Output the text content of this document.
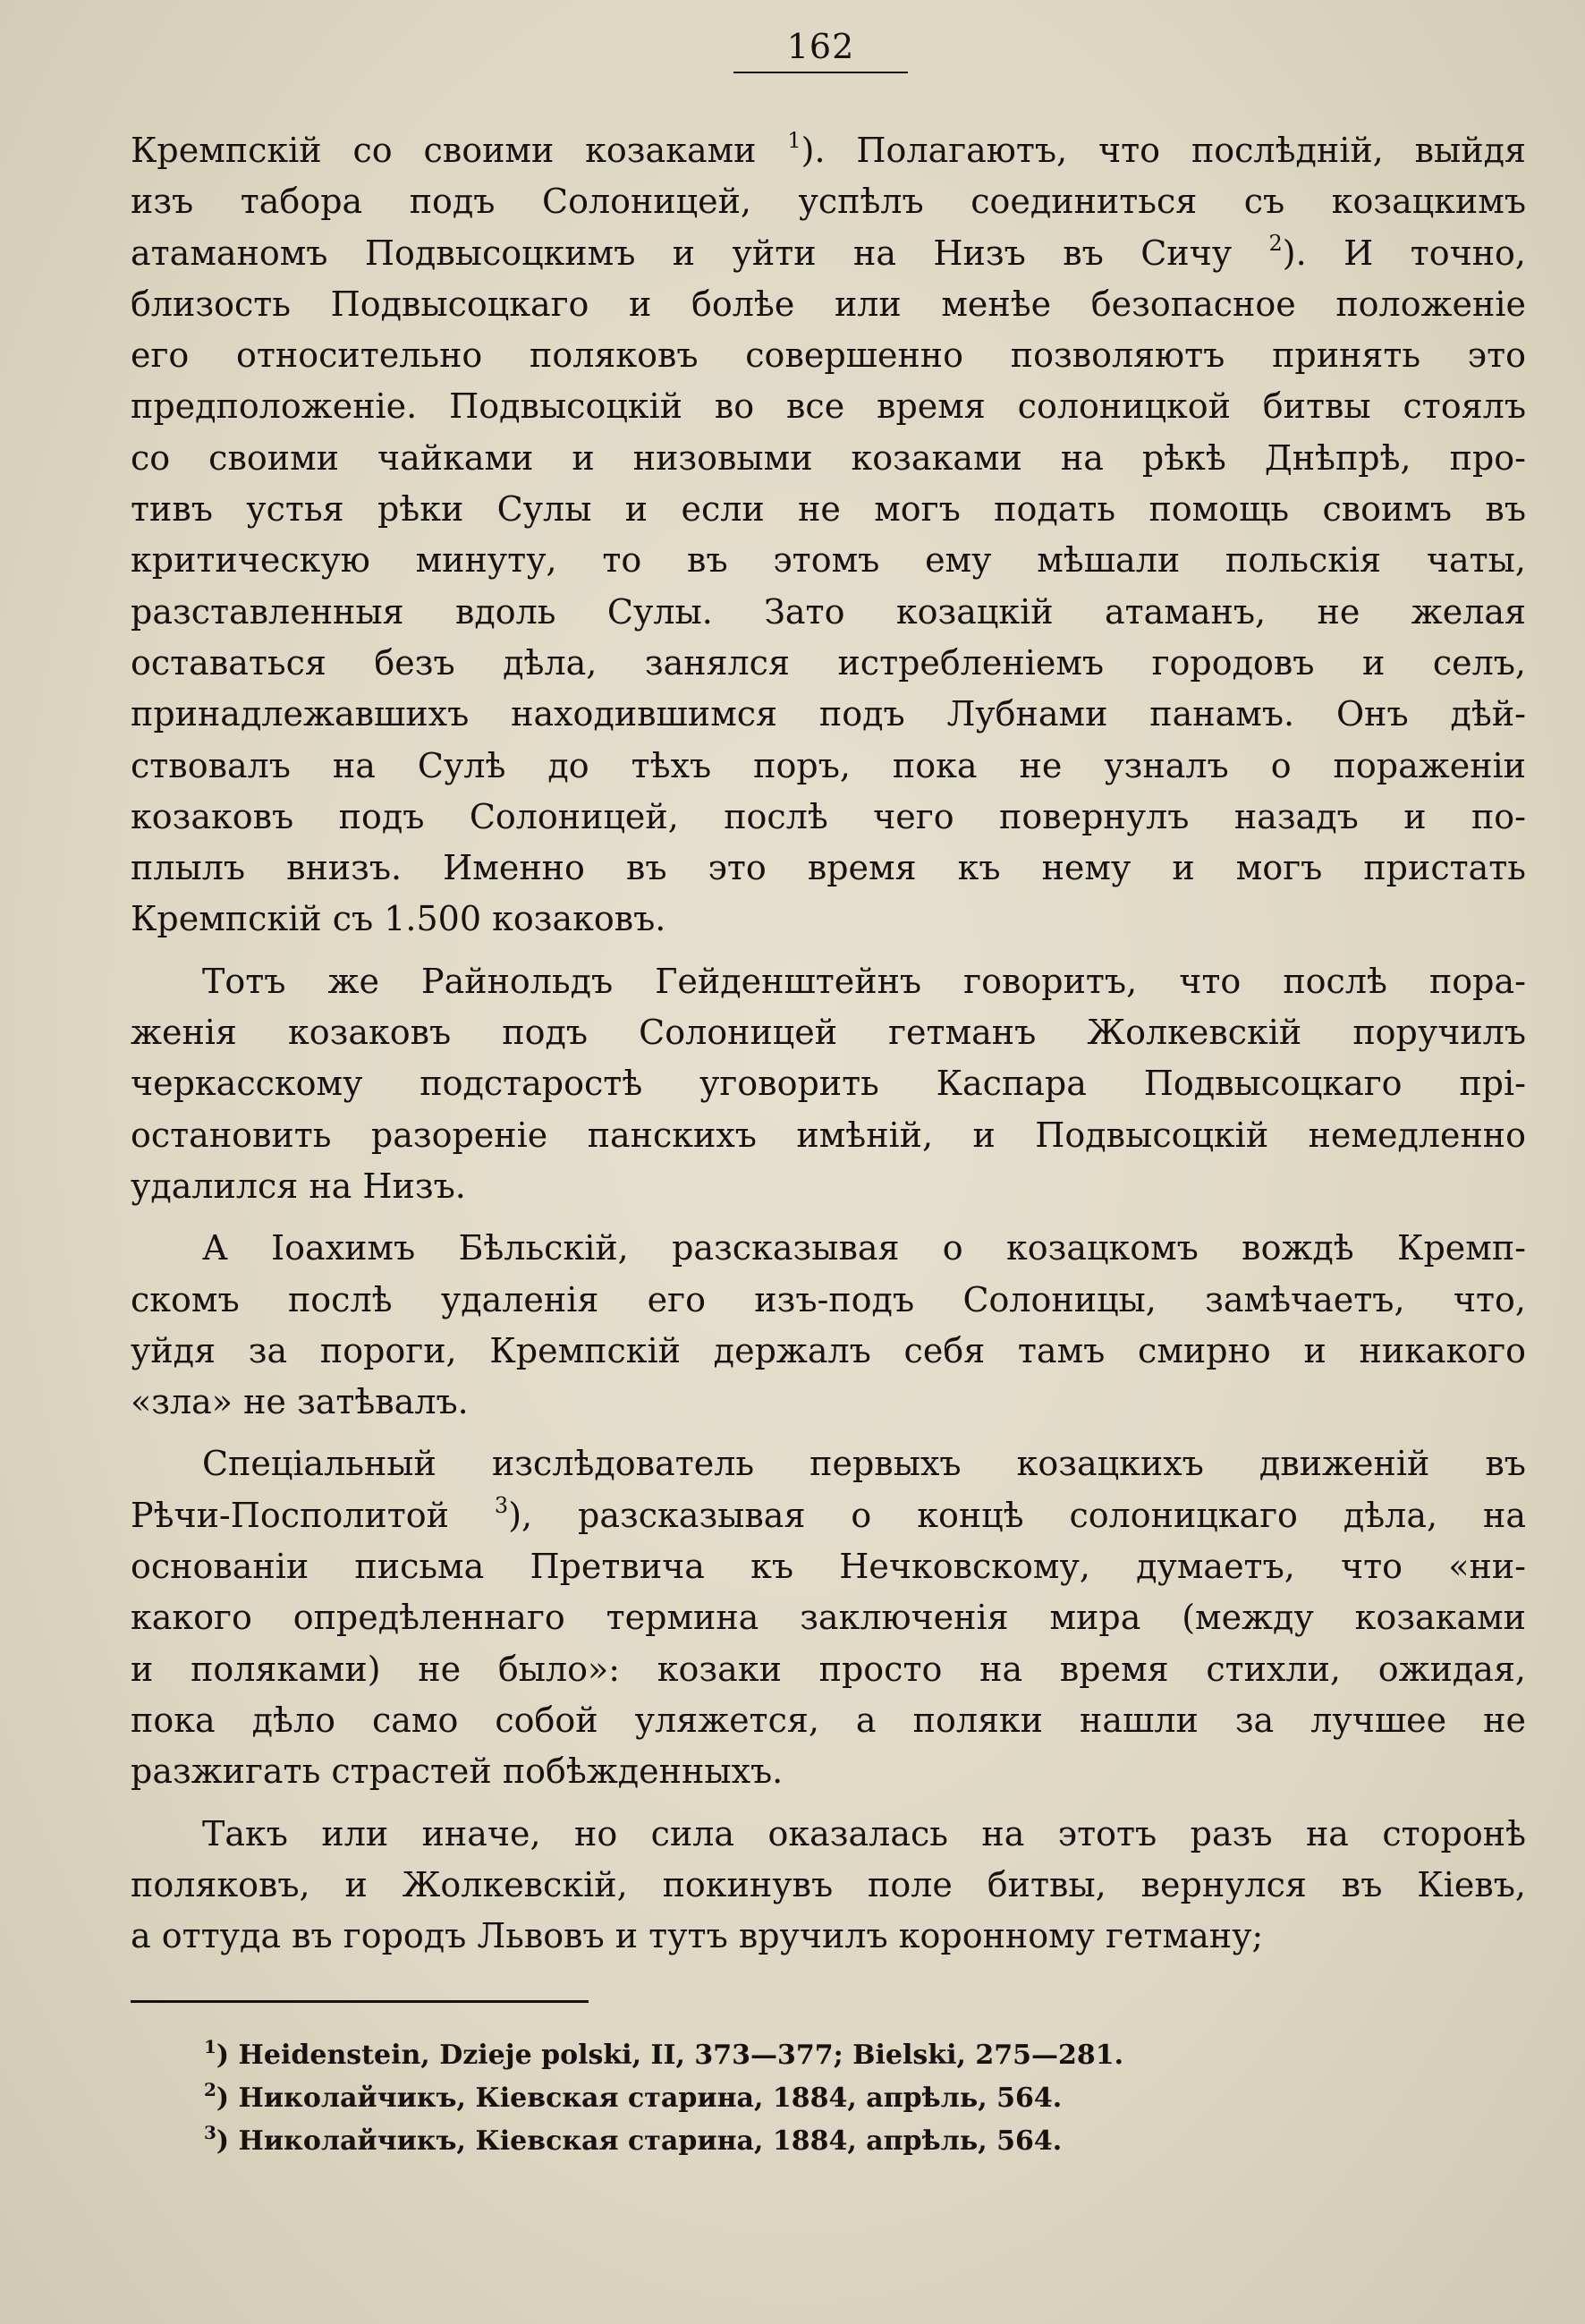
162
Кремпскій со своими козаками $^1$). Полагаютъ, что послѣдній, выйдя
изъ табора подъ Солоницей, успѣлъ соединиться съ козацкимъ
атаманомъ Подвысоцкимъ и уйти на Низъ въ Сичу $^2$). И точно,
близость Подвысоцкаго и болѣе или менѣе безопасное положеніе
его относительно поляковъ совершенно позволяютъ принять это
предположеніе. Подвысоцкій во все время солоницкой битвы стоялъ
со своими чайками и низовыми козаками на рѣкѣ Днѣпрѣ, про-
тивъ устья рѣки Сулы и если не могъ подать помощь своимъ въ
критическую минуту, то въ этомъ ему мѣшали польскія чаты,
разставленныя вдоль Сулы. Зато козацкій атаманъ, не желая
оставаться безъ дѣла, занялся истребленіемъ городовъ и селъ,
принадлежавшихъ находившимся подъ Лубнами панамъ. Онъ дѣй-
ствовалъ на Сулѣ до тѣхъ поръ, пока не узналъ о пораженіи
козаковъ подъ Солоницей, послѣ чего повернулъ назадъ и по-
плылъ внизъ. Именно въ это время къ нему и могъ пристать
Кремпскій съ 1.500 козаковъ.
Тотъ же Райнольдъ Гейденштейнъ говоритъ, что послѣ пора-
женія козаковъ подъ Солоницей гетманъ Жолкевскій поручилъ
черкасскому подстаростѣ уговорить Каспара Подвысоцкаго прі-
остановить разореніе панскихъ имѣній, и Подвысоцкій немедленно
удалился на Низъ.
А Іоахимъ Бѣльскій, разсказывая о козацкомъ вождѣ Кремп-
скомъ послѣ удаленія его изъ-подъ Солоницы, замѣчаетъ, что,
уйдя за пороги, Кремпскій держалъ себя тамъ смирно и никакого
«зла» не затѣвалъ.
Спеціальный изслѣдователь первыхъ козацкихъ движеній въ
Рѣчи-Посполитой $^3$), разсказывая о концѣ солоницкаго дѣла, на
основаніи письма Претвича къ Нечковскому, думаетъ, что «ни-
какого опредѣленнаго термина заключенія мира (между козаками
и поляками) не было»: козаки просто на время стихли, ожидая,
пока дѣло само собой уляжется, а поляки нашли за лучшее не
разжигать страстей побѣжденныхъ.
Такъ или иначе, но сила оказалась на этотъ разъ на сторонѣ
поляковъ, и Жолкевскій, покинувъ поле битвы, вернулся въ Кіевъ,
а оттуда въ городъ Львовъ и тутъ вручилъ коронному гетману;
$^1$) Heidenstein, Dzieje polski, II, 373—377; Bielski, 275—281.
$^2$) Николайчикъ, Кіевская старина, 1884, апрѣль, 564.
$^3$) Николайчикъ, Кіевская старина, 1884, апрѣль, 564.
